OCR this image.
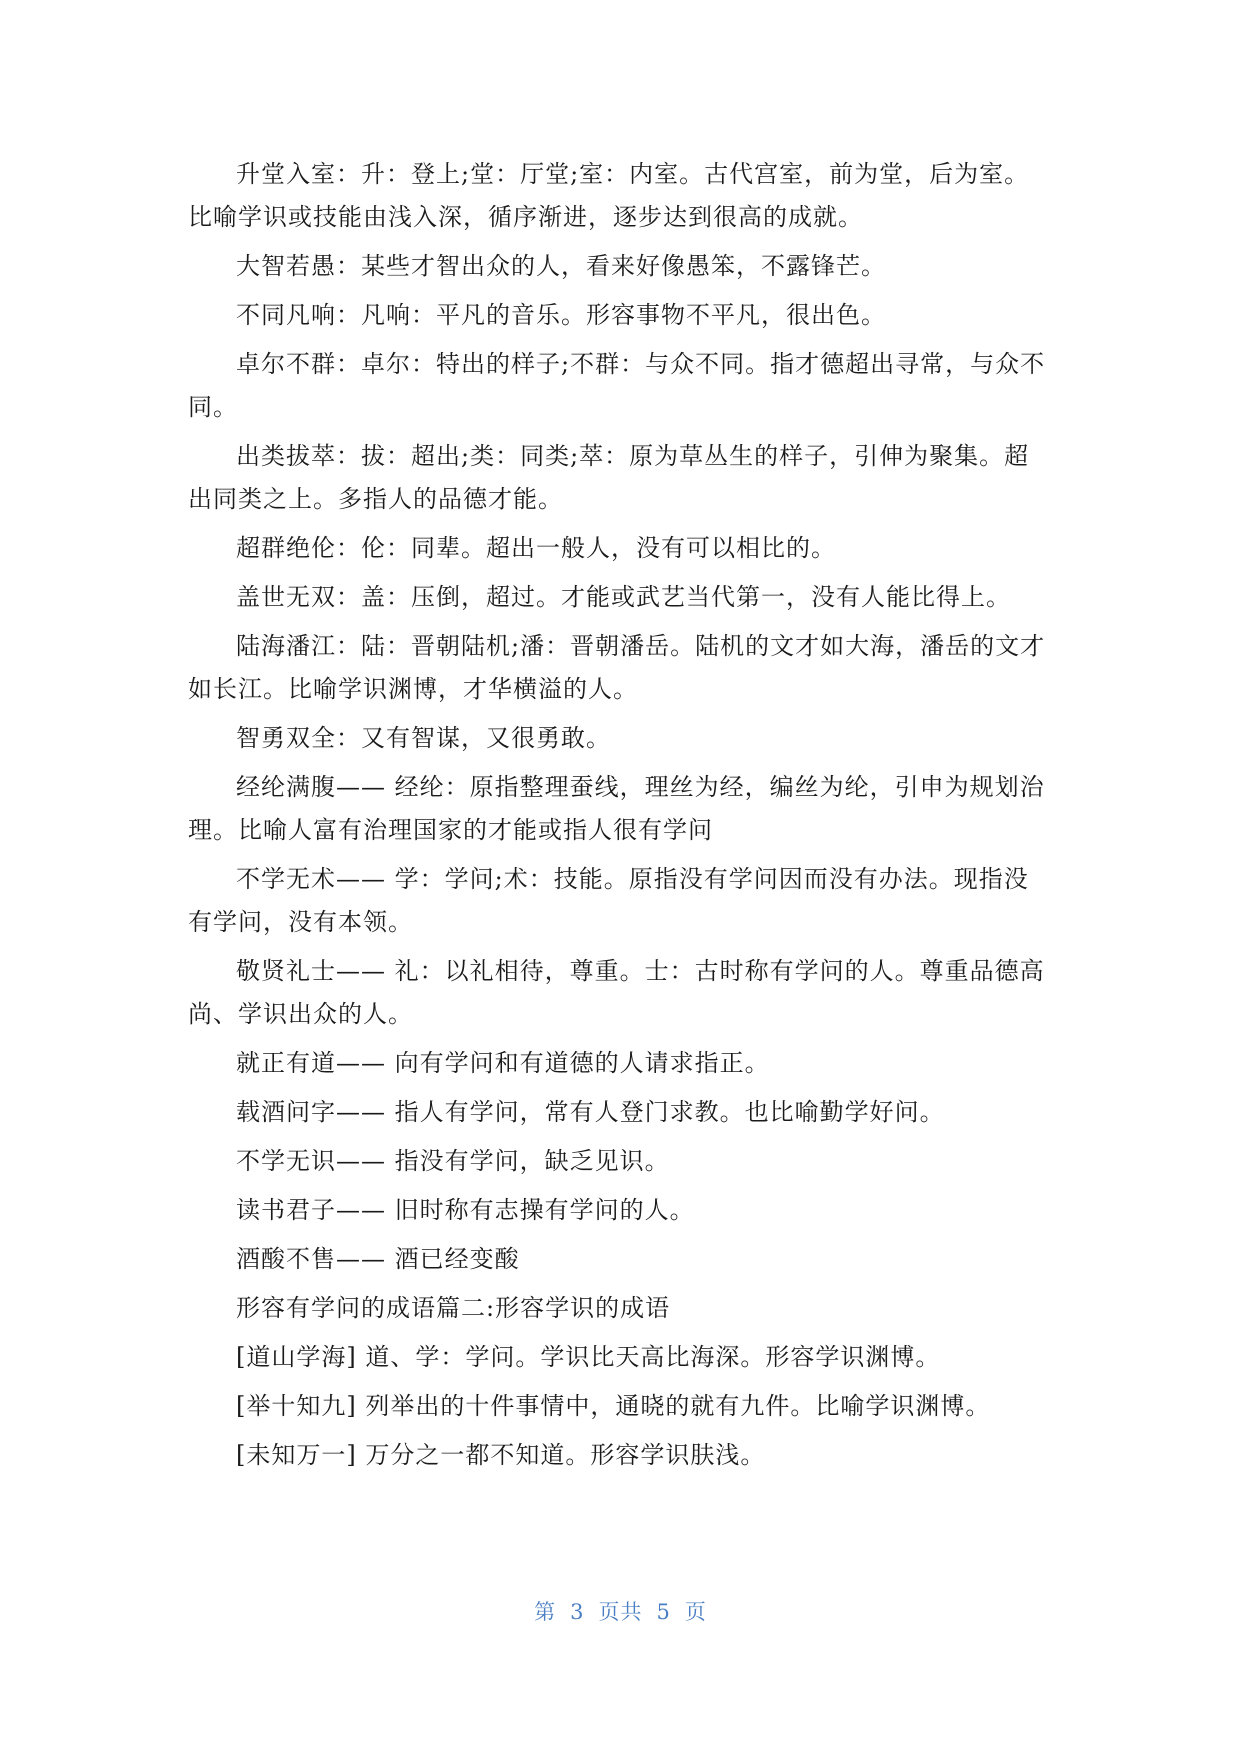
升堂入室：升：登上;堂：厅堂;室：内室。古代宫室，前为堂，后为室。比喻学识或技能由浅入深，循序渐进，逐步达到很高的成就。

大智若愚：某些才智出众的人，看来好像愚笨，不露锋芒。

不同凡响：凡响：平凡的音乐。形容事物不平凡，很出色。

卓尔不群：卓尔：特出的样子;不群：与众不同。指才德超出寻常，与众不同。

出类拔萃：拔：超出;类：同类;萃：原为草丛生的样子，引伸为聚集。超出同类之上。多指人的品德才能。

超群绝伦：伦：同辈。超出一般人，没有可以相比的。

盖世无双：盖：压倒，超过。才能或武艺当代第一，没有人能比得上。

陆海潘江：陆：晋朝陆机;潘：晋朝潘岳。陆机的文才如大海，潘岳的文才如长江。比喻学识渊博，才华横溢的人。

智勇双全：又有智谋，又很勇敢。

经纶满腹—— 经纶：原指整理蚕线，理丝为经，编丝为纶，引申为规划治理。比喻人富有治理国家的才能或指人很有学问

不学无术—— 学：学问;术：技能。原指没有学问因而没有办法。现指没有学问，没有本领。

敬贤礼士—— 礼：以礼相待，尊重。士：古时称有学问的人。尊重品德高尚、学识出众的人。

就正有道—— 向有学问和有道德的人请求指正。

载酒问字—— 指人有学问，常有人登门求教。也比喻勤学好问。

不学无识—— 指没有学问，缺乏见识。

读书君子—— 旧时称有志操有学问的人。

酒酸不售—— 酒已经变酸

形容有学问的成语篇二:形容学识的成语

[道山学海] 道、学：学问。学识比天高比海深。形容学识渊博。

[举十知九] 列举出的十件事情中，通晓的就有九件。比喻学识渊博。

[未知万一] 万分之一都不知道。形容学识肤浅。

第 3 页共 5 页
